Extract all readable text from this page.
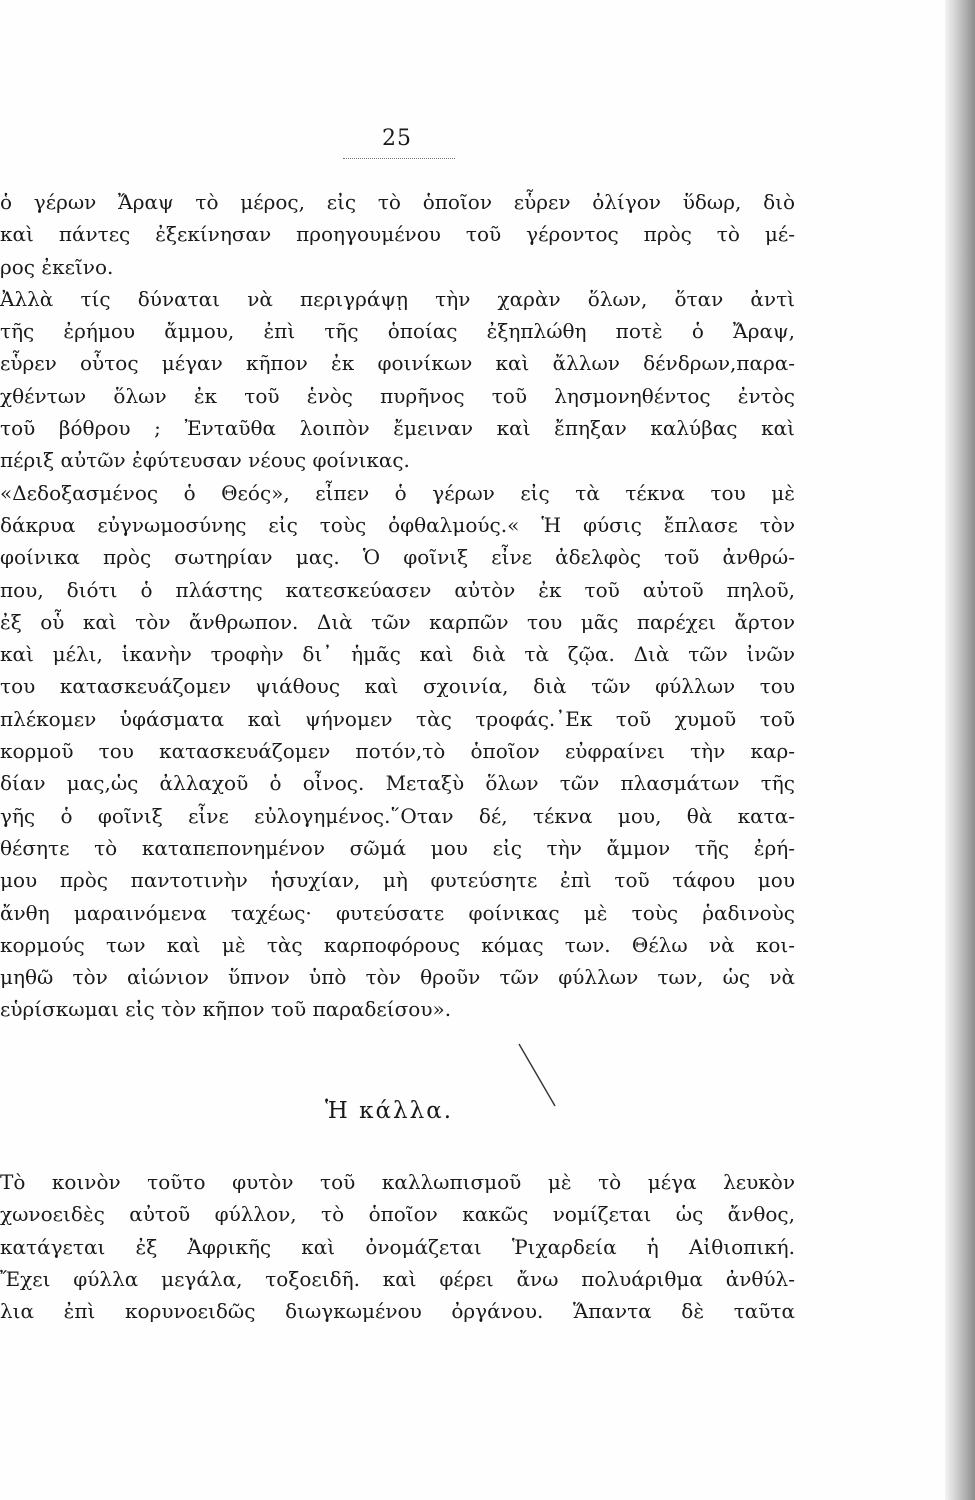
25
ὁ γέρων Ἄραψ τὸ μέρος, εἰς τὸ ὁποῖον εὗρεν ὀλίγον ὕδωρ, διὸ
καὶ πάντες ἐξεκίνησαν προηγουμένου τοῦ γέροντος πρὸς τὸ μέ-
ρος ἐκεῖνο.
Ἀλλὰ τίς δύναται νὰ περιγράψῃ τὴν χαρὰν ὅλων, ὅταν ἀντὶ
τῆς ἐρήμου ἄμμου, ἐπὶ τῆς ὁποίας ἐξηπλώθη ποτὲ ὁ Ἄραψ,
εὗρεν οὗτος μέγαν κῆπον ἐκ φοινίκων καὶ ἄλλων δένδρων,παρα-
χθέντων ὅλων ἐκ τοῦ ἑνὸς πυρῆνος τοῦ λησμονηθέντος ἐντὸς
τοῦ βόθρου ; Ἐνταῦθα λοιπὸν ἔμειναν καὶ ἔπηξαν καλύβας καὶ
πέριξ αὐτῶν ἐφύτευσαν νέους φοίνικας.
«Δεδοξασμένος ὁ Θεός», εἶπεν ὁ γέρων εἰς τὰ τέκνα του μὲ
δάκρυα εὐγνωμοσύνης εἰς τοὺς ὀφθαλμούς.« Ἡ φύσις ἔπλασε τὸν
φοίνικα πρὸς σωτηρίαν μας. Ὁ φοῖνιξ εἶνε ἀδελφὸς τοῦ ἀνθρώ-
που, διότι ὁ πλάστης κατεσκεύασεν αὐτὸν ἐκ τοῦ αὐτοῦ πηλοῦ,
ἐξ οὗ καὶ τὸν ἄνθρωπον. Διὰ τῶν καρπῶν του μᾶς παρέχει ἄρτον
καὶ μέλι, ἱκανὴν τροφὴν δι᾽ ἡμᾶς καὶ διὰ τὰ ζῷα. Διὰ τῶν ἰνῶν
του κατασκευάζομεν ψιάθους καὶ σχοινία, διὰ τῶν φύλλων του
πλέκομεν ὑφάσματα καὶ ψήνομεν τὰς τροφάς.᾽Εκ τοῦ χυμοῦ τοῦ
κορμοῦ του κατασκευάζομεν ποτόν,τὸ ὁποῖον εὐφραίνει τὴν καρ-
δίαν μας,ὡς ἀλλαχοῦ ὁ οἶνος. Μεταξὺ ὅλων τῶν πλασμάτων τῆς
γῆς ὁ φοῖνιξ εἶνε εὐλογημένος.῞Οταν δέ, τέκνα μου, θὰ κατα-
θέσητε τὸ καταπεπονημένον σῶμά μου εἰς τὴν ἄμμον τῆς ἐρή-
μου πρὸς παντοτινὴν ἡσυχίαν, μὴ φυτεύσητε ἐπὶ τοῦ τάφου μου
ἄνθη μαραινόμενα ταχέως· φυτεύσατε φοίνικας μὲ τοὺς ῥαδινοὺς
κορμούς των καὶ μὲ τὰς καρποφόρους κόμας των. Θέλω νὰ κοι-
μηθῶ τὸν αἰώνιον ὕπνον ὑπὸ τὸν θροῦν τῶν φύλλων των, ὡς νὰ
εὑρίσκωμαι εἰς τὸν κῆπον τοῦ παραδείσου».
Ἡ κάλλα.
Τὸ κοινὸν τοῦτο φυτὸν τοῦ καλλωπισμοῦ μὲ τὸ μέγα λευκὸν
χωνοειδὲς αὐτοῦ φύλλον, τὸ ὁποῖον κακῶς νομίζεται ὡς ἄνθος,
κατάγεται ἐξ Ἀφρικῆς καὶ ὀνομάζεται Ῥιχαρδεία ἡ Αἰθιοπική.
Ἔχει φύλλα μεγάλα, τοξοειδῆ. καὶ φέρει ἄνω πολυάριθμα ἀνθύλ-
λια ἐπὶ κορυνοειδῶς διωγκωμένου ὀργάνου. Ἅπαντα δὲ ταῦτα
